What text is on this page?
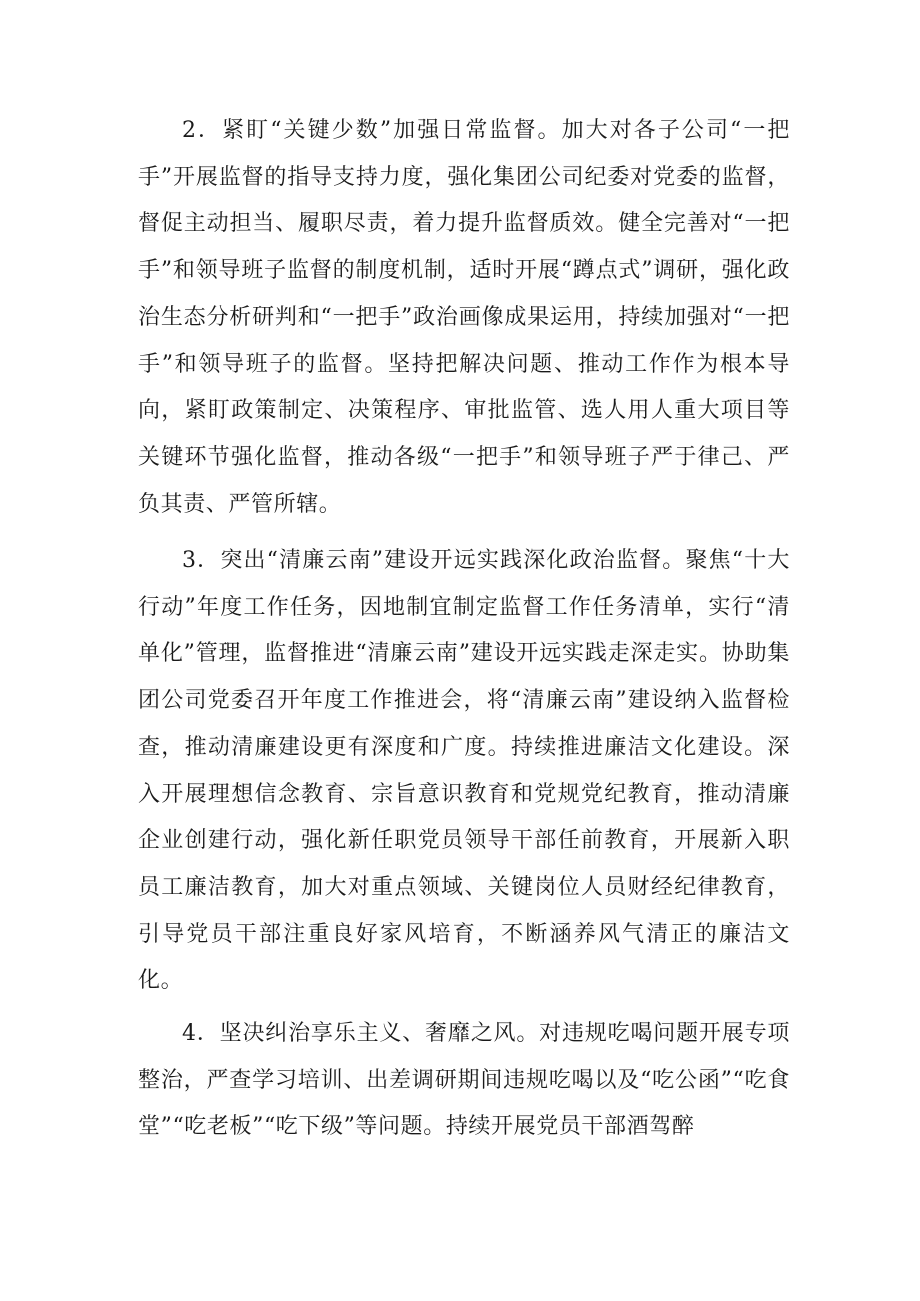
2．紧盯“关键少数”加强日常监督。加大对各子公司“一把手”开展监督的指导支持力度，强化集团公司纪委对党委的监督，督促主动担当、履职尽责，着力提升监督质效。健全完善对“一把手”和领导班子监督的制度机制，适时开展“蹲点式”调研，强化政治生态分析研判和“一把手”政治画像成果运用，持续加强对“一把手”和领导班子的监督。坚持把解决问题、推动工作作为根本导向，紧盯政策制定、决策程序、审批监管、选人用人重大项目等关键环节强化监督，推动各级“一把手”和领导班子严于律己、严负其责、严管所辖。

3．突出“清廉云南”建设开远实践深化政治监督。聚焦“十大行动”年度工作任务，因地制宜制定监督工作任务清单，实行“清单化”管理，监督推进“清廉云南”建设开远实践走深走实。协助集团公司党委召开年度工作推进会，将“清廉云南”建设纳入监督检查，推动清廉建设更有深度和广度。持续推进廉洁文化建设。深入开展理想信念教育、宗旨意识教育和党规党纪教育，推动清廉企业创建行动，强化新任职党员领导干部任前教育，开展新入职员工廉洁教育，加大对重点领域、关键岗位人员财经纪律教育，引导党员干部注重良好家风培育，不断涵养风气清正的廉洁文化。

4．坚决纠治享乐主义、奢靡之风。对违规吃喝问题开展专项整治，严查学习培训、出差调研期间违规吃喝以及“吃公函”“吃食堂”“吃老板”“吃下级”等问题。持续开展党员干部酒驾醉
